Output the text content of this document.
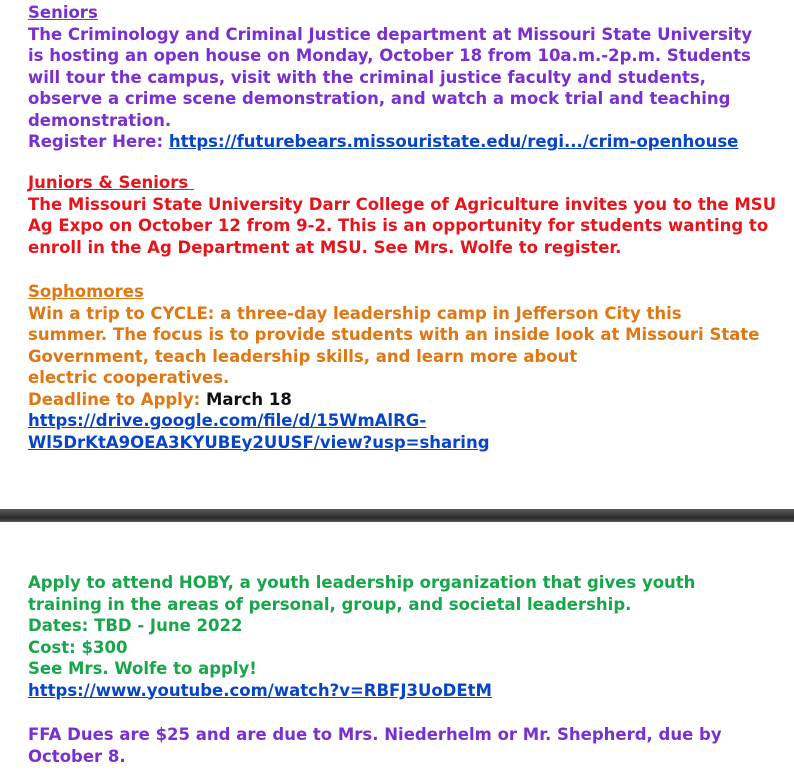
Seniors
The Criminology and Criminal Justice department at Missouri State University
is hosting an open house on Monday, October 18 from 10a.m.-2p.m. Students
will tour the campus, visit with the criminal justice faculty and students,
observe a crime scene demonstration, and watch a mock trial and teaching
demonstration.
Register Here: https://futurebears.missouristate.edu/regi.../crim-openhouse
Juniors & Seniors
The Missouri State University Darr College of Agriculture invites you to the MSU
Ag Expo on October 12 from 9-2. This is an opportunity for students wanting to
enroll in the Ag Department at MSU. See Mrs. Wolfe to register.
Sophomores
Win a trip to CYCLE: a three-day leadership camp in Jefferson City this
summer. The focus is to provide students with an inside look at Missouri State
Government, teach leadership skills, and learn more about
electric cooperatives.
Deadline to Apply: March 18
https://drive.google.com/file/d/15WmAlRG-
Wl5DrKtA9OEA3KYUBEy2UUSF/view?usp=sharing
Apply to attend HOBY, a youth leadership organization that gives youth
training in the areas of personal, group, and societal leadership.
Dates: TBD - June 2022
Cost: $300
See Mrs. Wolfe to apply!
https://www.youtube.com/watch?v=RBFJ3UoDEtM
FFA Dues are $25 and are due to Mrs. Niederhelm or Mr. Shepherd, due by
October 8.
